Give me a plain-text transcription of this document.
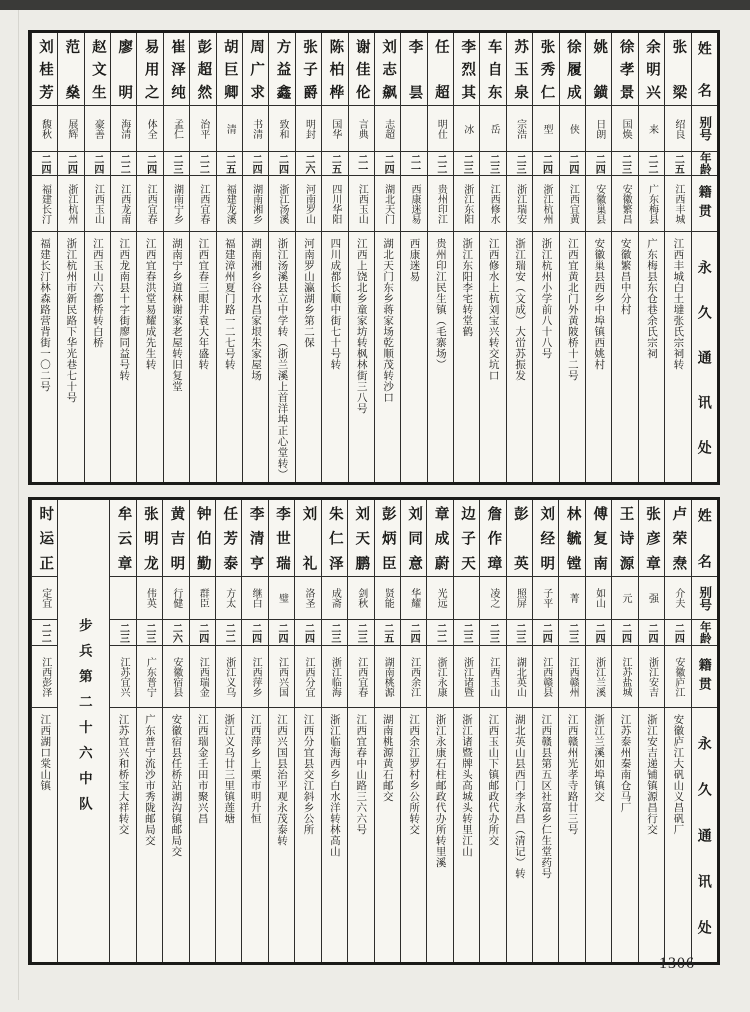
姓名
别号
年龄
籍贯
永久通讯处
张梁
绍良
二五
江西丰城
江西丰城白土墶张氏宗祠转
余明兴
来
二二
广东梅县
广东梅县东仓巷余氏宗祠
徐孝景
国焕
二三
安徽繁昌
安徽繁昌中分村
姚鐄
日朗
二四
安徽巢县
安徽巢县西乡中埠镇西姚村
徐履成
侠
二四
江西宜黄
江西宜黄北门外黄陂桥十二号
张秀仁
型
二四
浙江杭州
浙江杭州小学前八十八号
苏玉泉
宗浩
二三
浙江瑞安
浙江瑞安（文成）大峃苏振发
车自东
岳
二三
江西修水
江西修水上杭刘宝兴转交坑口
李烈其
冰
二三
浙江东阳
浙江东阳李宅转堂鹤
任超
明仕
二二
贵州印江
贵州印江民生镇（毛寨场）
李昙
二一
西康迷易
西康迷易
刘志飙
志超
二四
湖北天门
湖北天门东乡蒋家场乾顺茂转沙口
谢佳伦
言典
二一
江西玉山
江西上饶北乡童家坊转枫林街三八号
陈柏桦
国华
二五
四川华阳
四川成都长顺中街七十号转
张子爵
明封
二六
河南罗山
河南罗山瀛湖乡第二保
方益鑫
致和
二四
浙江汤溪
浙江汤溪县立中学转（浙兰溪上首洋埠正心堂转）
周广求
书清
二四
湖南湘乡
湖南湘乡谷水昌家垠朱家屋场
胡巨卿
清
二五
福建龙溪
福建漳州夏门路一二七号转
彭超然
治平
二二
江西宜春
江西宜春三眼井袁大年盛转
崔泽纯
孟仁
二三
湖南宁乡
湖南宁乡道林谢家老屋转旧复堂
易用之
体全
二四
江西宜春
江西宜春洪堂易耀成先生转
廖明
海清
二二
江西龙南
江西龙南县十字街廖同益号转
赵文生
豪善
二四
江西玉山
江西玉山六都桥转白桥
范燊
展辉
二四
浙江杭州
浙江杭州市新民路下华光巷七十号
刘桂芳
馥秋
二四
福建长汀
福建长汀林森路营背街一〇二号
姓名
别号
年龄
籍贯
永久通讯处
卢荣焘
介夫
二四
安徽庐江
安徽庐江大矾山义昌矾厂
张彦章
强
二四
浙江安吉
浙江安吉递铺镇源昌行交
王诗源
元
二四
江苏盐城
江苏泰州秦南仓马厂
傅复南
如山
二四
浙江兰溪
浙江兰溪如埠镇交
林毓镗
菁
二三
江西赣州
江西赣州光孝寺路廿三号
刘经明
子平
二四
江西赣县
江西赣县第五区社富乡仁生堂药号
彭英
照屏
二三
湖北英山
湖北英山县西门李永昌（清记）转
詹作璋
凌之
二三
江西玉山
江西玉山下镇邮政代办所交
边子天
二三
浙江诸暨
浙江诸暨牌头高城头转里江山
章成蔚
光远
二二
浙江永康
浙江永康石柱邮政代办所转里溪
刘同意
华耀
二四
江西余江
江西余江罗村乡公所转交
彭炳臣
贤能
二五
湖南桃源
湖南桃源黄石邮交
刘天鹏
剑秋
二三
江西宜春
江西宜春中山路三六六号
朱仁泽
成斋
二三
浙江临海
浙江临海西乡白水洋转林高山
刘礼
洛圣
二四
江西分宜
江西分宜县交江斜乡公所
李世瑞
璧
二四
江西兴国
江西兴国县治平观永茂泰转
李清亨
继白
二四
江西萍乡
江西萍乡上栗市明升恒
任芳泰
方太
二二
浙江义乌
浙江义乌廿三里镇莲塘
钟伯勤
群臣
二四
江西瑞金
江西瑞金壬田市聚兴昌
黄吉明
行健
二六
安徽宿县
安徽宿县任桥站湖沟镇邮局交
张明龙
伟英
二三
广东普宁
广东普宁流沙市秀陇邮局交
牟云章
二三
江苏宜兴
江苏宜兴和桥宝大祥转交
步兵第二十六中队
时运正
定宜
二二
江西彭泽
江西湖口棠山镇
1306
